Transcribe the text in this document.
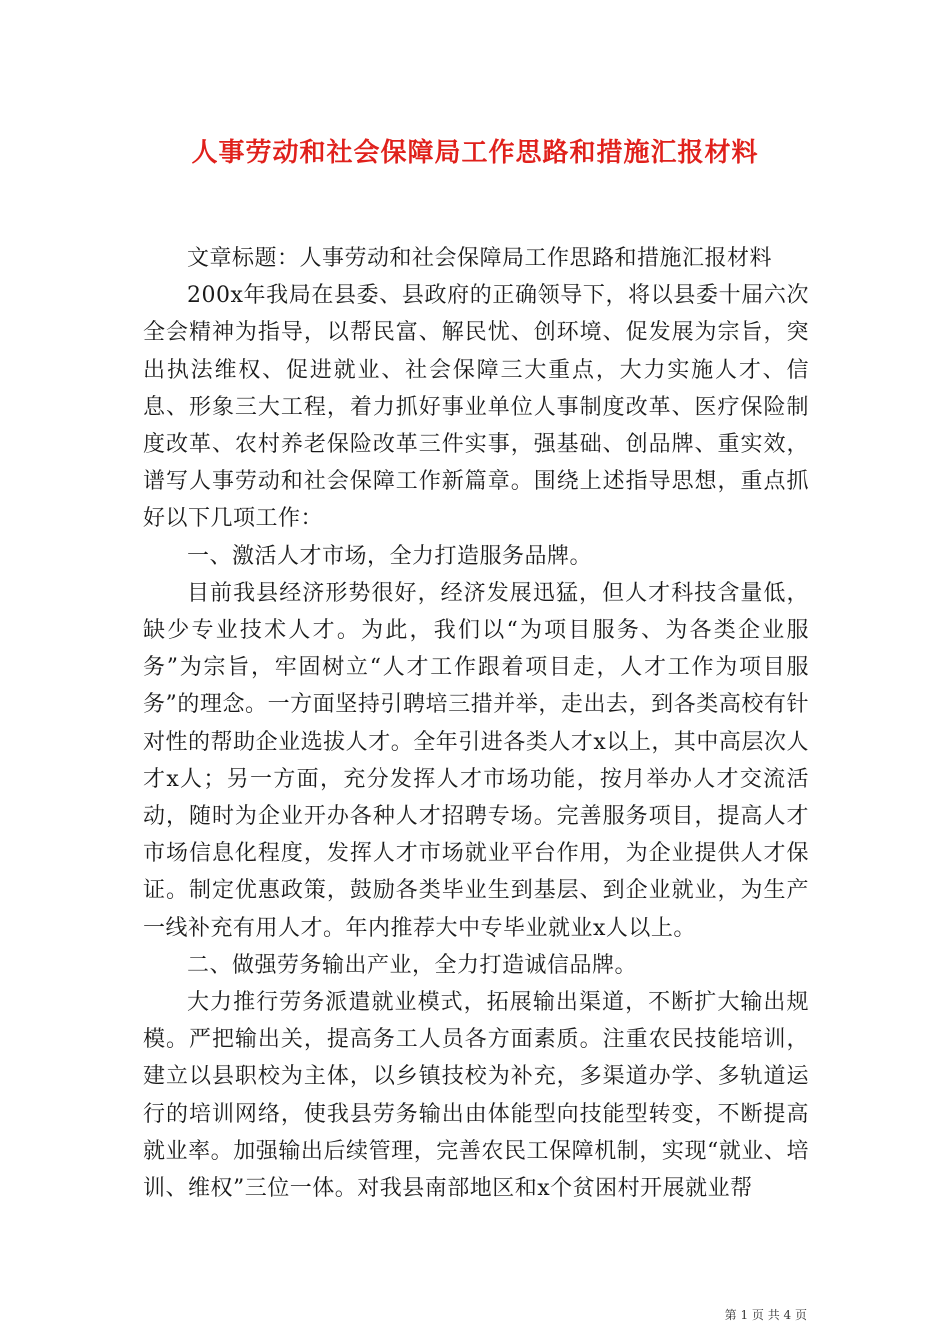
人事劳动和社会保障局工作思路和措施汇报材料

文章标题：人事劳动和社会保障局工作思路和措施汇报材料

200x年我局在县委、县政府的正确领导下，将以县委十届六次全会精神为指导，以帮民富、解民忧、创环境、促发展为宗旨，突出执法维权、促进就业、社会保障三大重点，大力实施人才、信息、形象三大工程，着力抓好事业单位人事制度改革、医疗保险制度改革、农村养老保险改革三件实事，强基础、创品牌、重实效，谱写人事劳动和社会保障工作新篇章。围绕上述指导思想，重点抓好以下几项工作：

一、激活人才市场，全力打造服务品牌。

目前我县经济形势很好，经济发展迅猛，但人才科技含量低，缺少专业技术人才。为此，我们以“为项目服务、为各类企业服务”为宗旨，牢固树立“人才工作跟着项目走，人才工作为项目服务”的理念。一方面坚持引聘培三措并举，走出去，到各类高校有针对性的帮助企业选拔人才。全年引进各类人才x以上，其中高层次人才x人；另一方面，充分发挥人才市场功能，按月举办人才交流活动，随时为企业开办各种人才招聘专场。完善服务项目，提高人才市场信息化程度，发挥人才市场就业平台作用，为企业提供人才保证。制定优惠政策，鼓励各类毕业生到基层、到企业就业，为生产一线补充有用人才。年内推荐大中专毕业就业x人以上。

二、做强劳务输出产业，全力打造诚信品牌。

大力推行劳务派遣就业模式，拓展输出渠道，不断扩大输出规模。严把输出关，提高务工人员各方面素质。注重农民技能培训，建立以县职校为主体，以乡镇技校为补充，多渠道办学、多轨道运行的培训网络，使我县劳务输出由体能型向技能型转变，不断提高就业率。加强输出后续管理，完善农民工保障机制，实现“就业、培训、维权”三位一体。对我县南部地区和x个贫困村开展就业帮

第 1 页 共 4 页
